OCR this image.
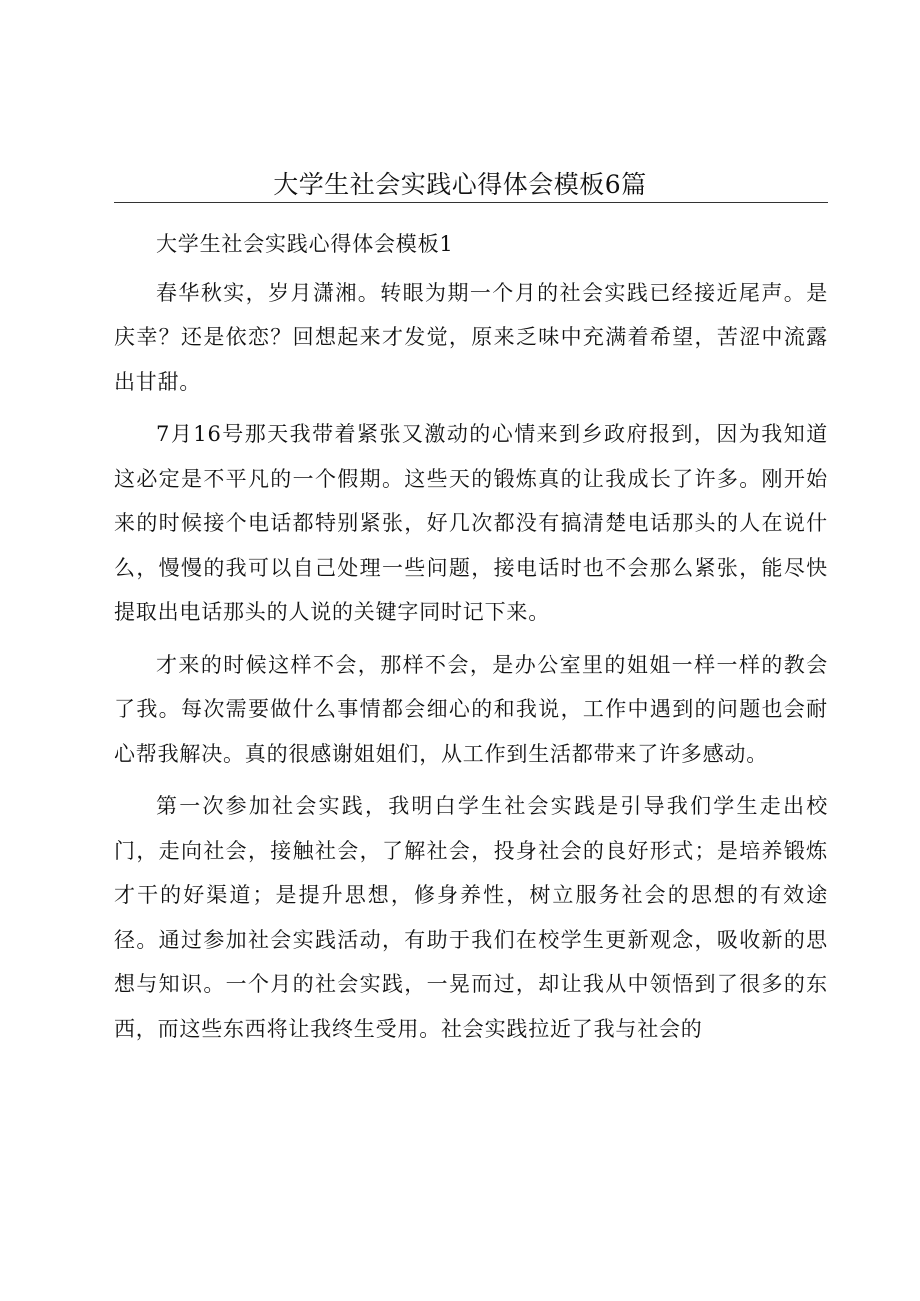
大学生社会实践心得体会模板6篇

大学生社会实践心得体会模板1

春华秋实，岁月潇湘。转眼为期一个月的社会实践已经接近尾声。是庆幸？还是依恋？回想起来才发觉，原来乏味中充满着希望，苦涩中流露出甘甜。

7月16号那天我带着紧张又激动的心情来到乡政府报到，因为我知道这必定是不平凡的一个假期。这些天的锻炼真的让我成长了许多。刚开始来的时候接个电话都特别紧张，好几次都没有搞清楚电话那头的人在说什么，慢慢的我可以自己处理一些问题，接电话时也不会那么紧张，能尽快提取出电话那头的人说的关键字同时记下来。

才来的时候这样不会，那样不会，是办公室里的姐姐一样一样的教会了我。每次需要做什么事情都会细心的和我说，工作中遇到的问题也会耐心帮我解决。真的很感谢姐姐们，从工作到生活都带来了许多感动。

第一次参加社会实践，我明白学生社会实践是引导我们学生走出校门，走向社会，接触社会，了解社会，投身社会的良好形式；是培养锻炼才干的好渠道；是提升思想，修身养性，树立服务社会的思想的有效途径。通过参加社会实践活动，有助于我们在校学生更新观念，吸收新的思想与知识。一个月的社会实践，一晃而过，却让我从中领悟到了很多的东西，而这些东西将让我终生受用。社会实践拉近了我与社会的
